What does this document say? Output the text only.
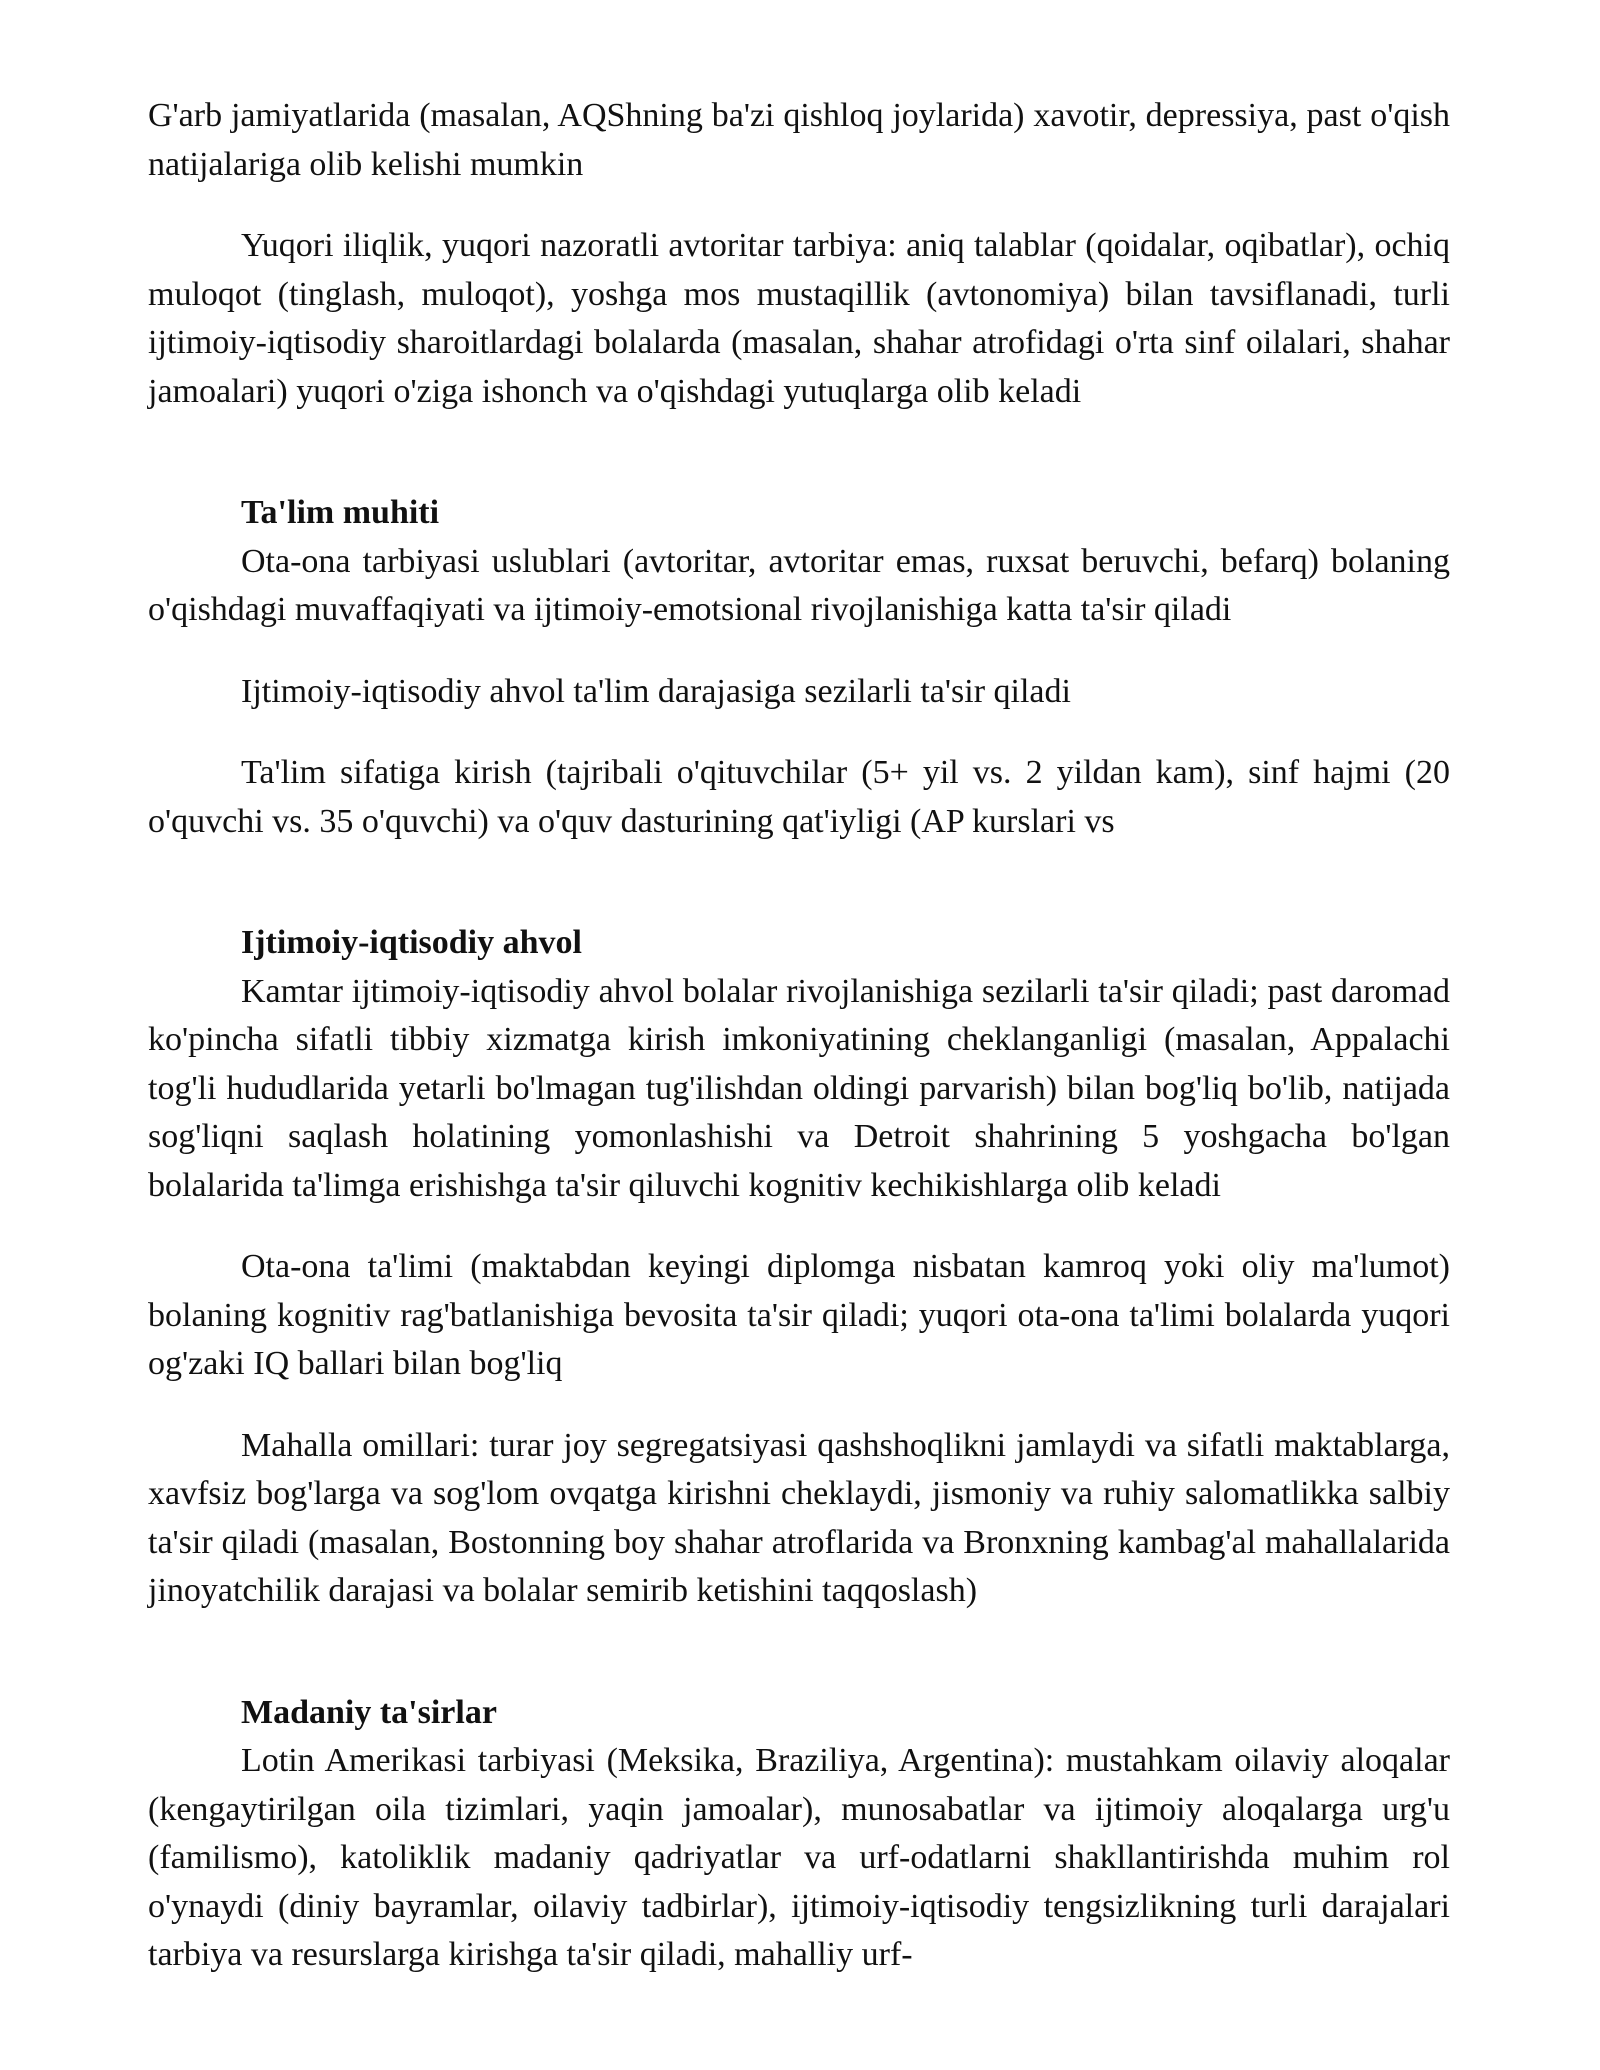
G'arb jamiyatlarida (masalan, AQShning ba'zi qishloq joylarida) xavotir, depressiya, past o'qish natijalariga olib kelishi mumkin

Yuqori iliqlik, yuqori nazoratli avtoritar tarbiya: aniq talablar (qoidalar, oqibatlar), ochiq muloqot (tinglash, muloqot), yoshga mos mustaqillik (avtonomiya) bilan tavsiflanadi, turli ijtimoiy-iqtisodiy sharoitlardagi bolalarda (masalan, shahar atrofidagi o'rta sinf oilalari, shahar jamoalari) yuqori o'ziga ishonch va o'qishdagi yutuqlarga olib keladi

Ta'lim muhiti

Ota-ona tarbiyasi uslublari (avtoritar, avtoritar emas, ruxsat beruvchi, befarq) bolaning o'qishdagi muvaffaqiyati va ijtimoiy-emotsional rivojlanishiga katta ta'sir qiladi

Ijtimoiy-iqtisodiy ahvol ta'lim darajasiga sezilarli ta'sir qiladi

Ta'lim sifatiga kirish (tajribali o'qituvchilar (5+ yil vs. 2 yildan kam), sinf hajmi (20 o'quvchi vs. 35 o'quvchi) va o'quv dasturining qat'iyligi (AP kurslari vs

Ijtimoiy-iqtisodiy ahvol

Kamtar ijtimoiy-iqtisodiy ahvol bolalar rivojlanishiga sezilarli ta'sir qiladi; past daromad ko'pincha sifatli tibbiy xizmatga kirish imkoniyatining cheklanganligi (masalan, Appalachi tog'li hududlarida yetarli bo'lmagan tug'ilishdan oldingi parvarish) bilan bog'liq bo'lib, natijada sog'liqni saqlash holatining yomonlashishi va Detroit shahrining 5 yoshgacha bo'lgan bolalarida ta'limga erishishga ta'sir qiluvchi kognitiv kechikishlarga olib keladi

Ota-ona ta'limi (maktabdan keyingi diplomga nisbatan kamroq yoki oliy ma'lumot) bolaning kognitiv rag'batlanishiga bevosita ta'sir qiladi; yuqori ota-ona ta'limi bolalarda yuqori og'zaki IQ ballari bilan bog'liq

Mahalla omillari: turar joy segregatsiyasi qashshoqlikni jamlaydi va sifatli maktablarga, xavfsiz bog'larga va sog'lom ovqatga kirishni cheklaydi, jismoniy va ruhiy salomatlikka salbiy ta'sir qiladi (masalan, Bostonning boy shahar atroflarida va Bronxning kambag'al mahallalarida jinoyatchilik darajasi va bolalar semirib ketishini taqqoslash)

Madaniy ta'sirlar

Lotin Amerikasi tarbiyasi (Meksika, Braziliya, Argentina): mustahkam oilaviy aloqalar (kengaytirilgan oila tizimlari, yaqin jamoalar), munosabatlar va ijtimoiy aloqalarga urg'u (familismo), katoliklik madaniy qadriyatlar va urf-odatlarni shakllantirishda muhim rol o'ynaydi (diniy bayramlar, oilaviy tadbirlar), ijtimoiy-iqtisodiy tengsizlikning turli darajalari tarbiya va resurslarga kirishga ta'sir qiladi, mahalliy urf-
